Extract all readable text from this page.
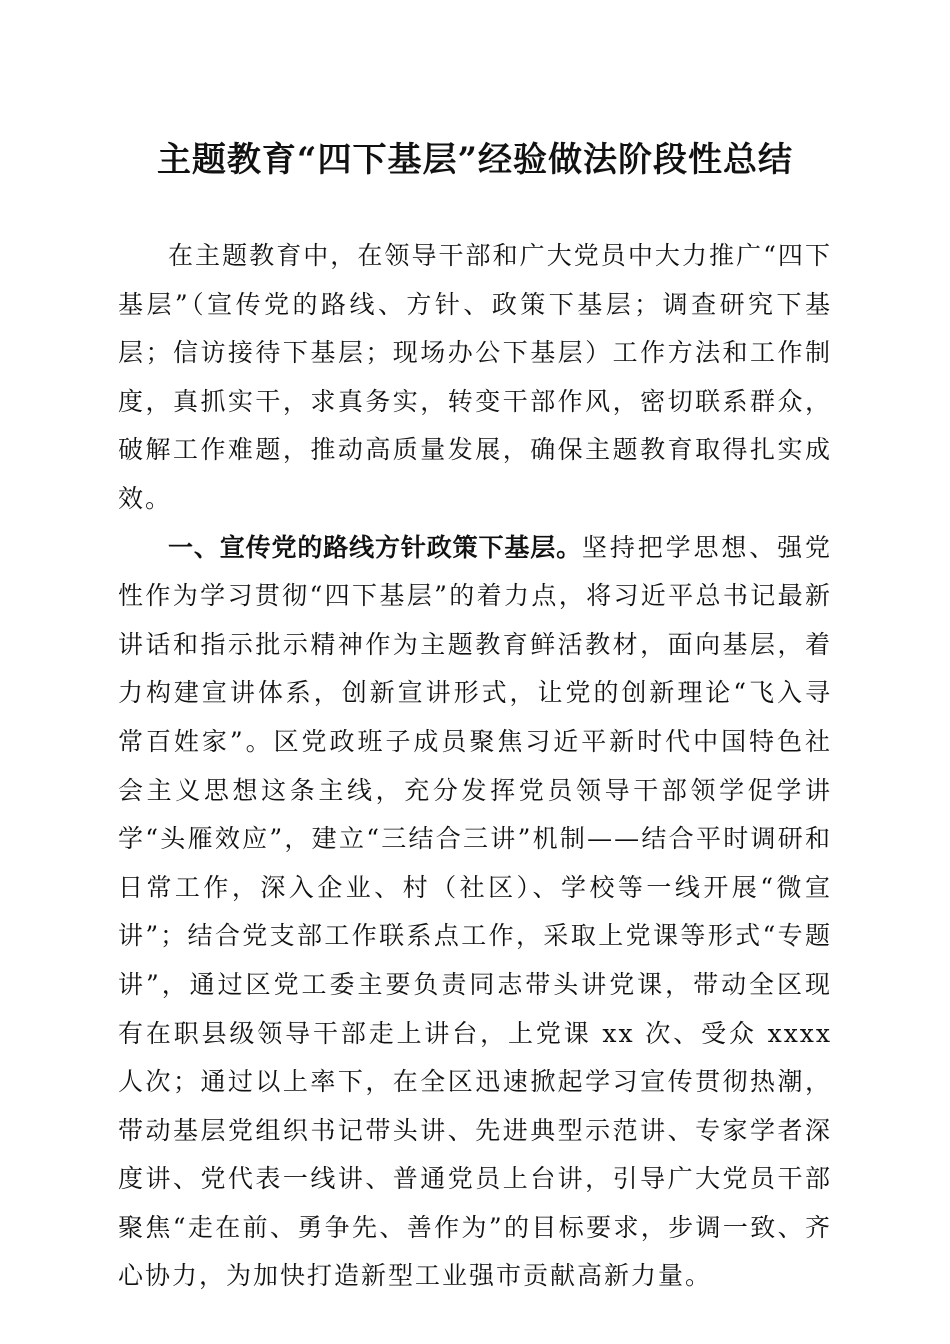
主题教育“四下基层”经验做法阶段性总结

在主题教育中，在领导干部和广大党员中大力推广“四下基层”（宣传党的路线、方针、政策下基层；调查研究下基层；信访接待下基层；现场办公下基层）工作方法和工作制度，真抓实干，求真务实，转变干部作风，密切联系群众，破解工作难题，推动高质量发展，确保主题教育取得扎实成效。

一、宣传党的路线方针政策下基层。坚持把学思想、强党性作为学习贯彻“四下基层”的着力点，将习近平总书记最新讲话和指示批示精神作为主题教育鲜活教材，面向基层，着力构建宣讲体系，创新宣讲形式，让党的创新理论“飞入寻常百姓家”。区党政班子成员聚焦习近平新时代中国特色社会主义思想这条主线，充分发挥党员领导干部领学促学讲学“头雁效应”，建立“三结合三讲”机制——结合平时调研和日常工作，深入企业、村（社区）、学校等一线开展“微宣讲”；结合党支部工作联系点工作，采取上党课等形式“专题讲”，通过区党工委主要负责同志带头讲党课，带动全区现有在职县级领导干部走上讲台，上党课 xx 次、受众 xxxx 人次；通过以上率下，在全区迅速掀起学习宣传贯彻热潮，带动基层党组织书记带头讲、先进典型示范讲、专家学者深度讲、党代表一线讲、普通党员上台讲，引导广大党员干部聚焦“走在前、勇争先、善作为”的目标要求，步调一致、齐心协力，为加快打造新型工业强市贡献高新力量。
